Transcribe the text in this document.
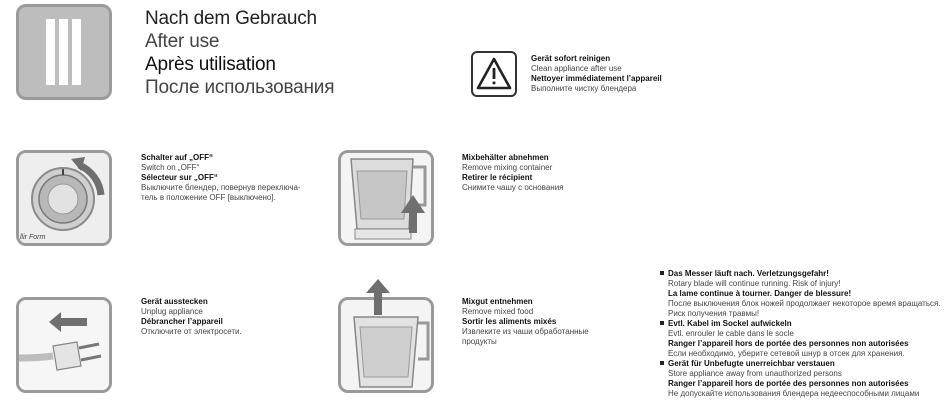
Nach dem Gebrauch
After use
Après utilisation
После использования
Gerät sofort reinigen
Clean appliance after use
Nettoyer immédiatement l’appareil
Выполните чистку блендера
llir Form
Schalter auf „OFF“
Switch on „OFF“
Sélecteur sur „OFF“
Выключите блендер, повернув переключа-
тель в положение OFF [выключено].
Mixbehälter abnehmen
Remove mixing container
Retirer le récipient
Снимите чашу с основания
Gerät ausstecken
Unplug appliance
Débrancher l’appareil
Отключите от электросети.
Mixgut entnehmen
Remove mixed food
Sortir les aliments mixés
Извлеките из чаши обработанные
продукты
Das Messer läuft nach. Verletzungsgefahr!
Rotary blade will continue running. Risk of injury!
La lame continue à tourner. Danger de blessure!
После выключения блок ножей продолжает некоторое время вращаться.
Риск получения травмы!
Evtl. Kabel im Sockel aufwickeln
Evtl. enrouler le cable dans le socle
Ranger l’appareil hors de portée des personnes non autorisées
Если необходимо, уберите сетевой шнур в отсек для хранения.
Gerät für Unbefugte unerreichbar verstauen
Store appliance away from unauthorized persons
Ranger l’appareil hors de portée des personnes non autorisées
Не допускайте использования блендера недееспособными лицами
